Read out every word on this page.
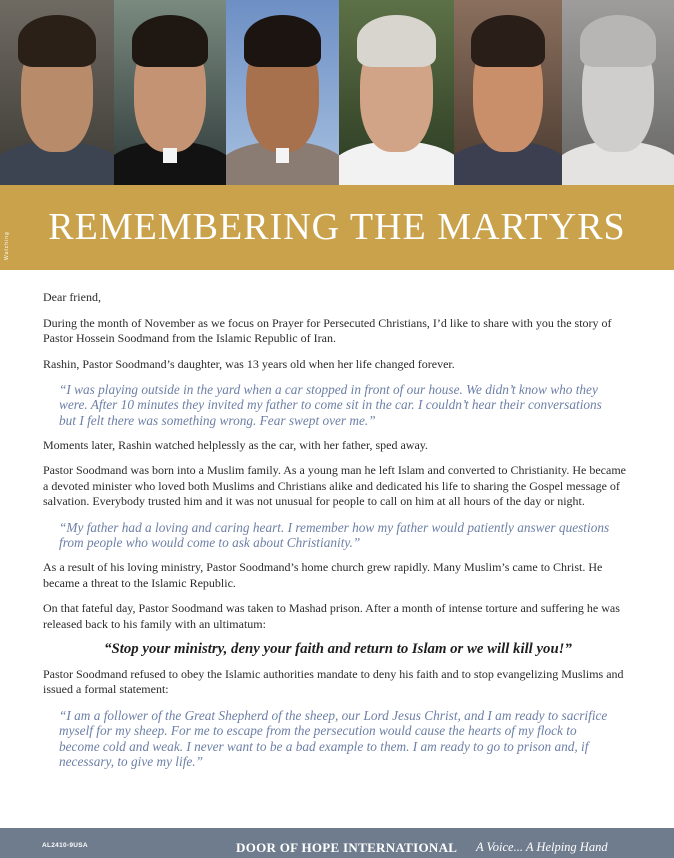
REMEMBERING THE MARTYRS
Watching

Dear friend,

During the month of November as we focus on Prayer for Persecuted Christians, I’d like to share with you the story of Pastor Hossein Soodmand from the Islamic Republic of Iran.

Rashin, Pastor Soodmand’s daughter, was 13 years old when her life changed forever.

“I was playing outside in the yard when a car stopped in front of our house. We didn’t know who they were. After 10 minutes they invited my father to come sit in the car. I couldn’t hear their conversations but I felt there was something wrong. Fear swept over me.”

Moments later, Rashin watched helplessly as the car, with her father, sped away.

Pastor Soodmand was born into a Muslim family. As a young man he left Islam and converted to Christianity. He became a devoted minister who loved both Muslims and Christians alike and dedicated his life to sharing the Gospel message of salvation. Everybody trusted him and it was not unusual for people to call on him at all hours of the day or night.

“My father had a loving and caring heart. I remember how my father would patiently answer questions from people who would come to ask about Christianity.”

As a result of his loving ministry, Pastor Soodmand’s home church grew rapidly. Many Muslim’s came to Christ. He became a threat to the Islamic Republic.

On that fateful day, Pastor Soodmand was taken to Mashad prison. After a month of intense torture and suffering he was released back to his family with an ultimatum:

“Stop your ministry, deny your faith and return to Islam or we will kill you!”

Pastor Soodmand refused to obey the Islamic authorities mandate to deny his faith and to stop evangelizing Muslims and issued a formal statement:

“I am a follower of the Great Shepherd of the sheep, our Lord Jesus Christ, and I am ready to sacrifice myself for my sheep. For me to escape from the persecution would cause the hearts of my flock to become cold and weak. I never want to be a bad example to them. I am ready to go to prison and, if necessary, to give my life.”
AL2410-9USA	DOOR OF HOPE INTERNATIONAL A Voice... A Helping Hand
